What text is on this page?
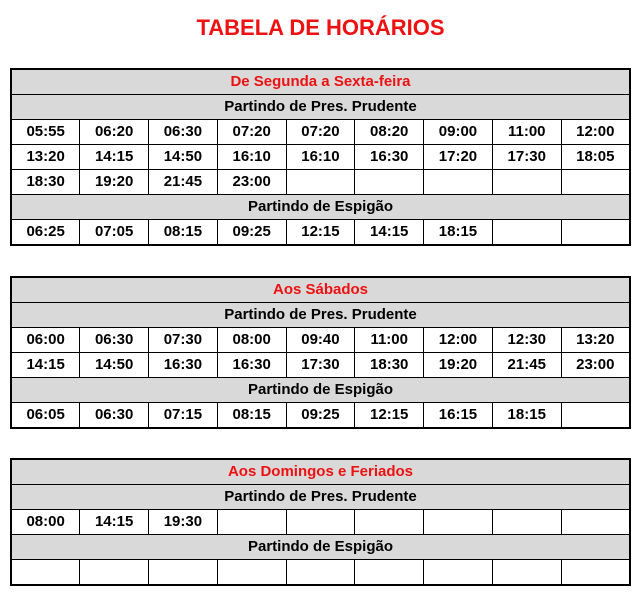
TABELA DE HORÁRIOS
De Segunda a Sexta-feira								
Partindo de Pres. Prudente								
05:55	06:20	06:30	07:20	07:20	08:20	09:00	11:00	12:00
13:20	14:15	14:50	16:10	16:10	16:30	17:20	17:30	18:05
18:30	19:20	21:45	23:00					
Partindo de Espigão								
06:25	07:05	08:15	09:25	12:15	14:15	18:15		
Aos Sábados								
Partindo de Pres. Prudente								
06:00	06:30	07:30	08:00	09:40	11:00	12:00	12:30	13:20
14:15	14:50	16:30	16:30	17:30	18:30	19:20	21:45	23:00
Partindo de Espigão								
06:05	06:30	07:15	08:15	09:25	12:15	16:15	18:15	
Aos Domingos e Feriados								
Partindo de Pres. Prudente								
08:00	14:15	19:30						
Partindo de Espigão								
